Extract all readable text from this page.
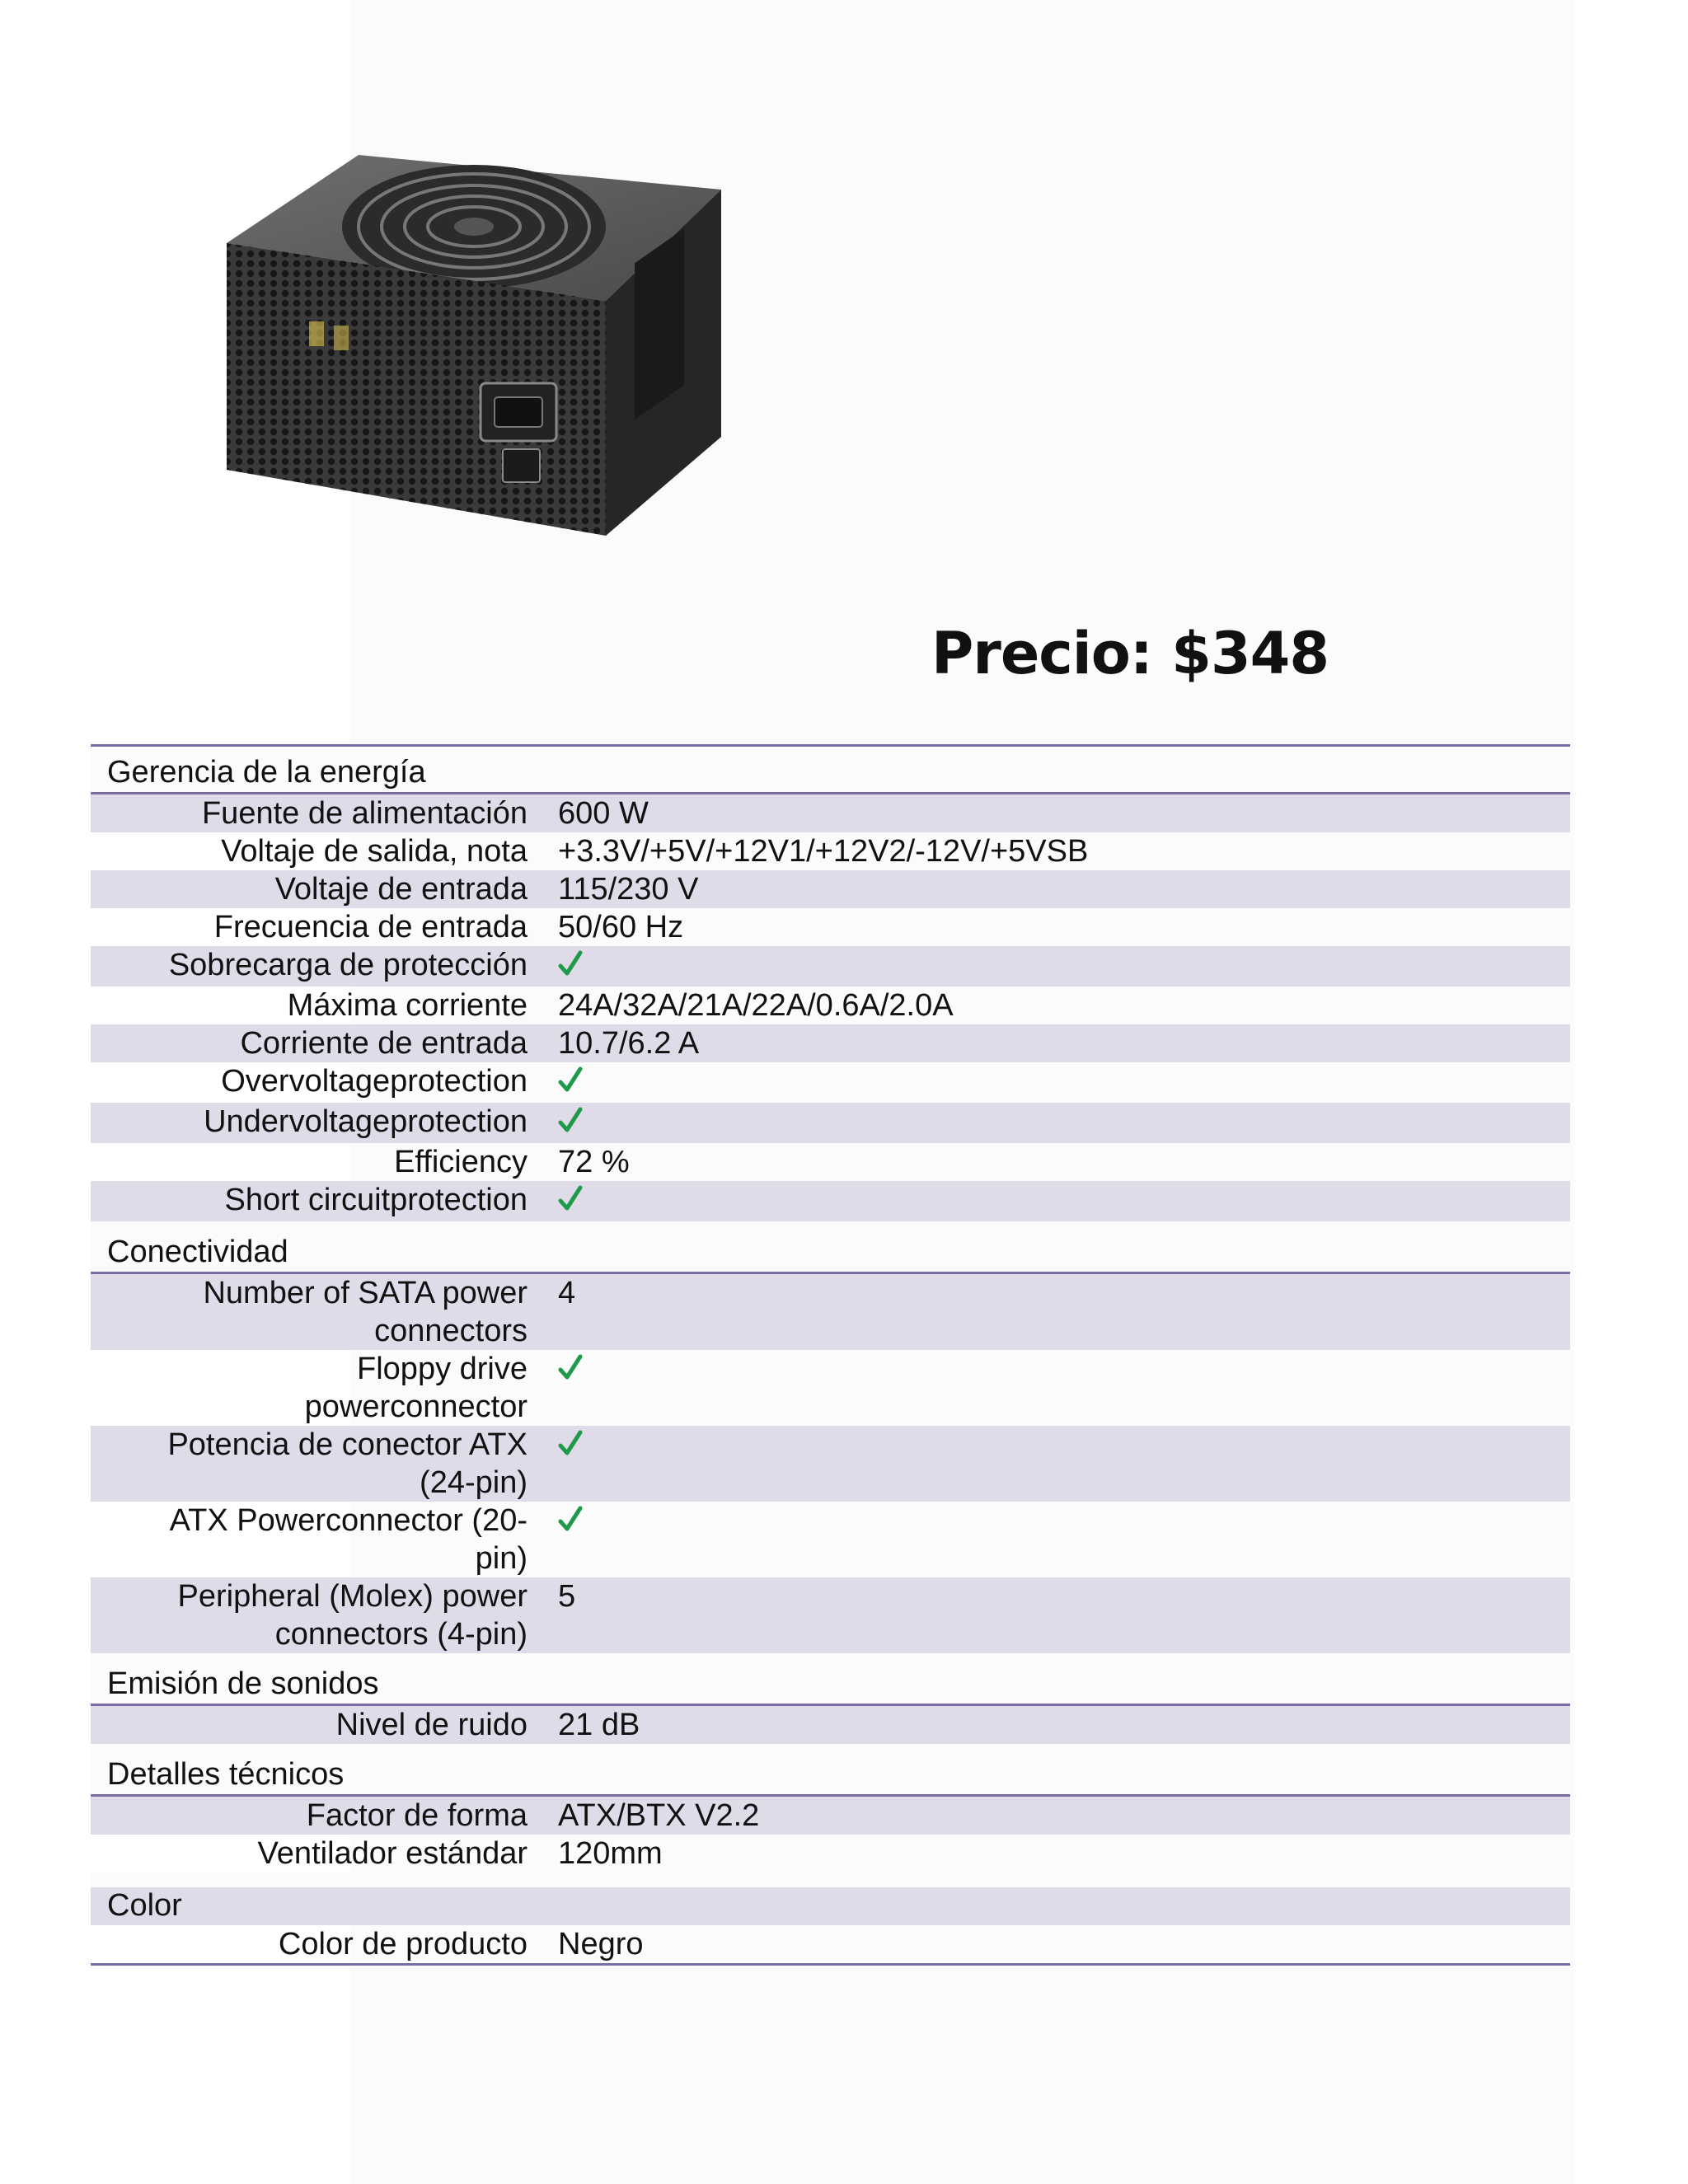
Precio: $348
Gerencia de la energía
Fuente de alimentación 600 W
Voltaje de salida, nota +3.3V/+5V/+12V1/+12V2/-12V/+5VSB
Voltaje de entrada 115/230 V
Frecuencia de entrada 50/60 Hz
Sobrecarga de protección
Máxima corriente 24A/32A/21A/22A/0.6A/2.0A
Corriente de entrada 10.7/6.2 A
Overvoltageprotection
Undervoltageprotection
Efficiency 72 %
Short circuitprotection
Conectividad
Number of SATA power
connectors
4
Floppy drive
powerconnector
Potencia de conector ATX
(24-pin)
ATX Powerconnector (20-
pin)
Peripheral (Molex) power
connectors (4-pin)
5
Emisión de sonidos
Nivel de ruido 21 dB
Detalles técnicos
Factor de forma ATX/BTX V2.2
Ventilador estándar 120mm
Color
Color de producto Negro
